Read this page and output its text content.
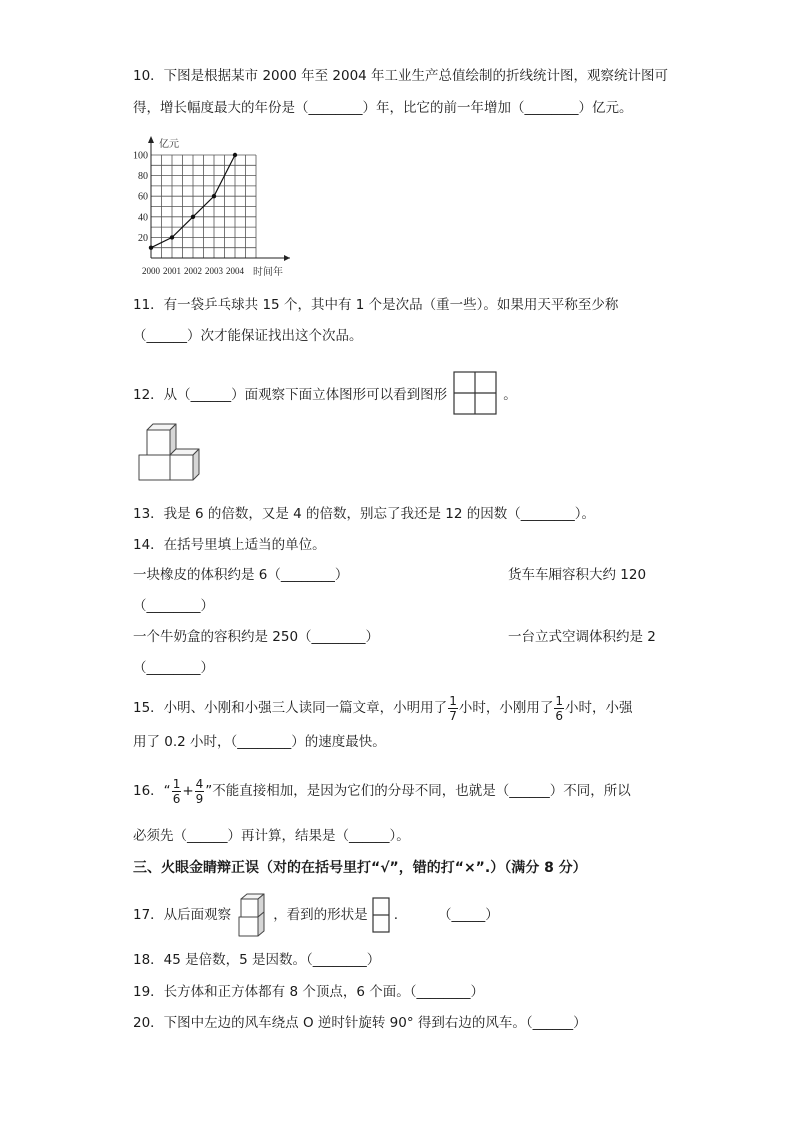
10．下图是根据某市 2000 年至 2004 年工业生产总值绘制的折线统计图，观察统计图可
得，增长幅度最大的年份是（________）年，比它的前一年增加（________）亿元。
20
40
60
80
100
2000 2001 2002 2003 2004
亿元
时间年
11．有一袋乒乓球共 15 个，其中有 1 个是次品（重一些）。如果用天平称至少称
（______）次才能保证找出这个次品。
12．从（______）面观察下面立体图形可以看到图形	。
13．我是 6 的倍数，又是 4 的倍数，别忘了我还是 12 的因数（________）。
14．在括号里填上适当的单位。
一块橡皮的体积约是 6（________）	货车车厢容积大约 120
（________）
一个牛奶盒的容积约是 250（________）	一台立式空调体积约是 2
（________）
15．小明、小刚和小强三人读同一篇文章，小明用了 $\frac{1}{7}$ 小时，小刚用了 $\frac{1}{6}$ 小时，小强
用了 0.2 小时，（________）的速度最快。
16．“ $\frac{1}{6} + \frac{4}{9}$ ”不能直接相加，是因为它们的分母不同，也就是（______）不同，所以
必须先（______）再计算，结果是（______）。
三、火眼金睛辩正误（对的在括号里打“√”，错的打“×”.）（满分 8 分）
17．从后面观察	，看到的形状是 .	（_____）
18．45 是倍数，5 是因数。（________）
19．长方体和正方体都有 8 个顶点，6 个面。（________）
20．下图中左边的风车绕点 O 逆时针旋转 90° 得到右边的风车。（______）
